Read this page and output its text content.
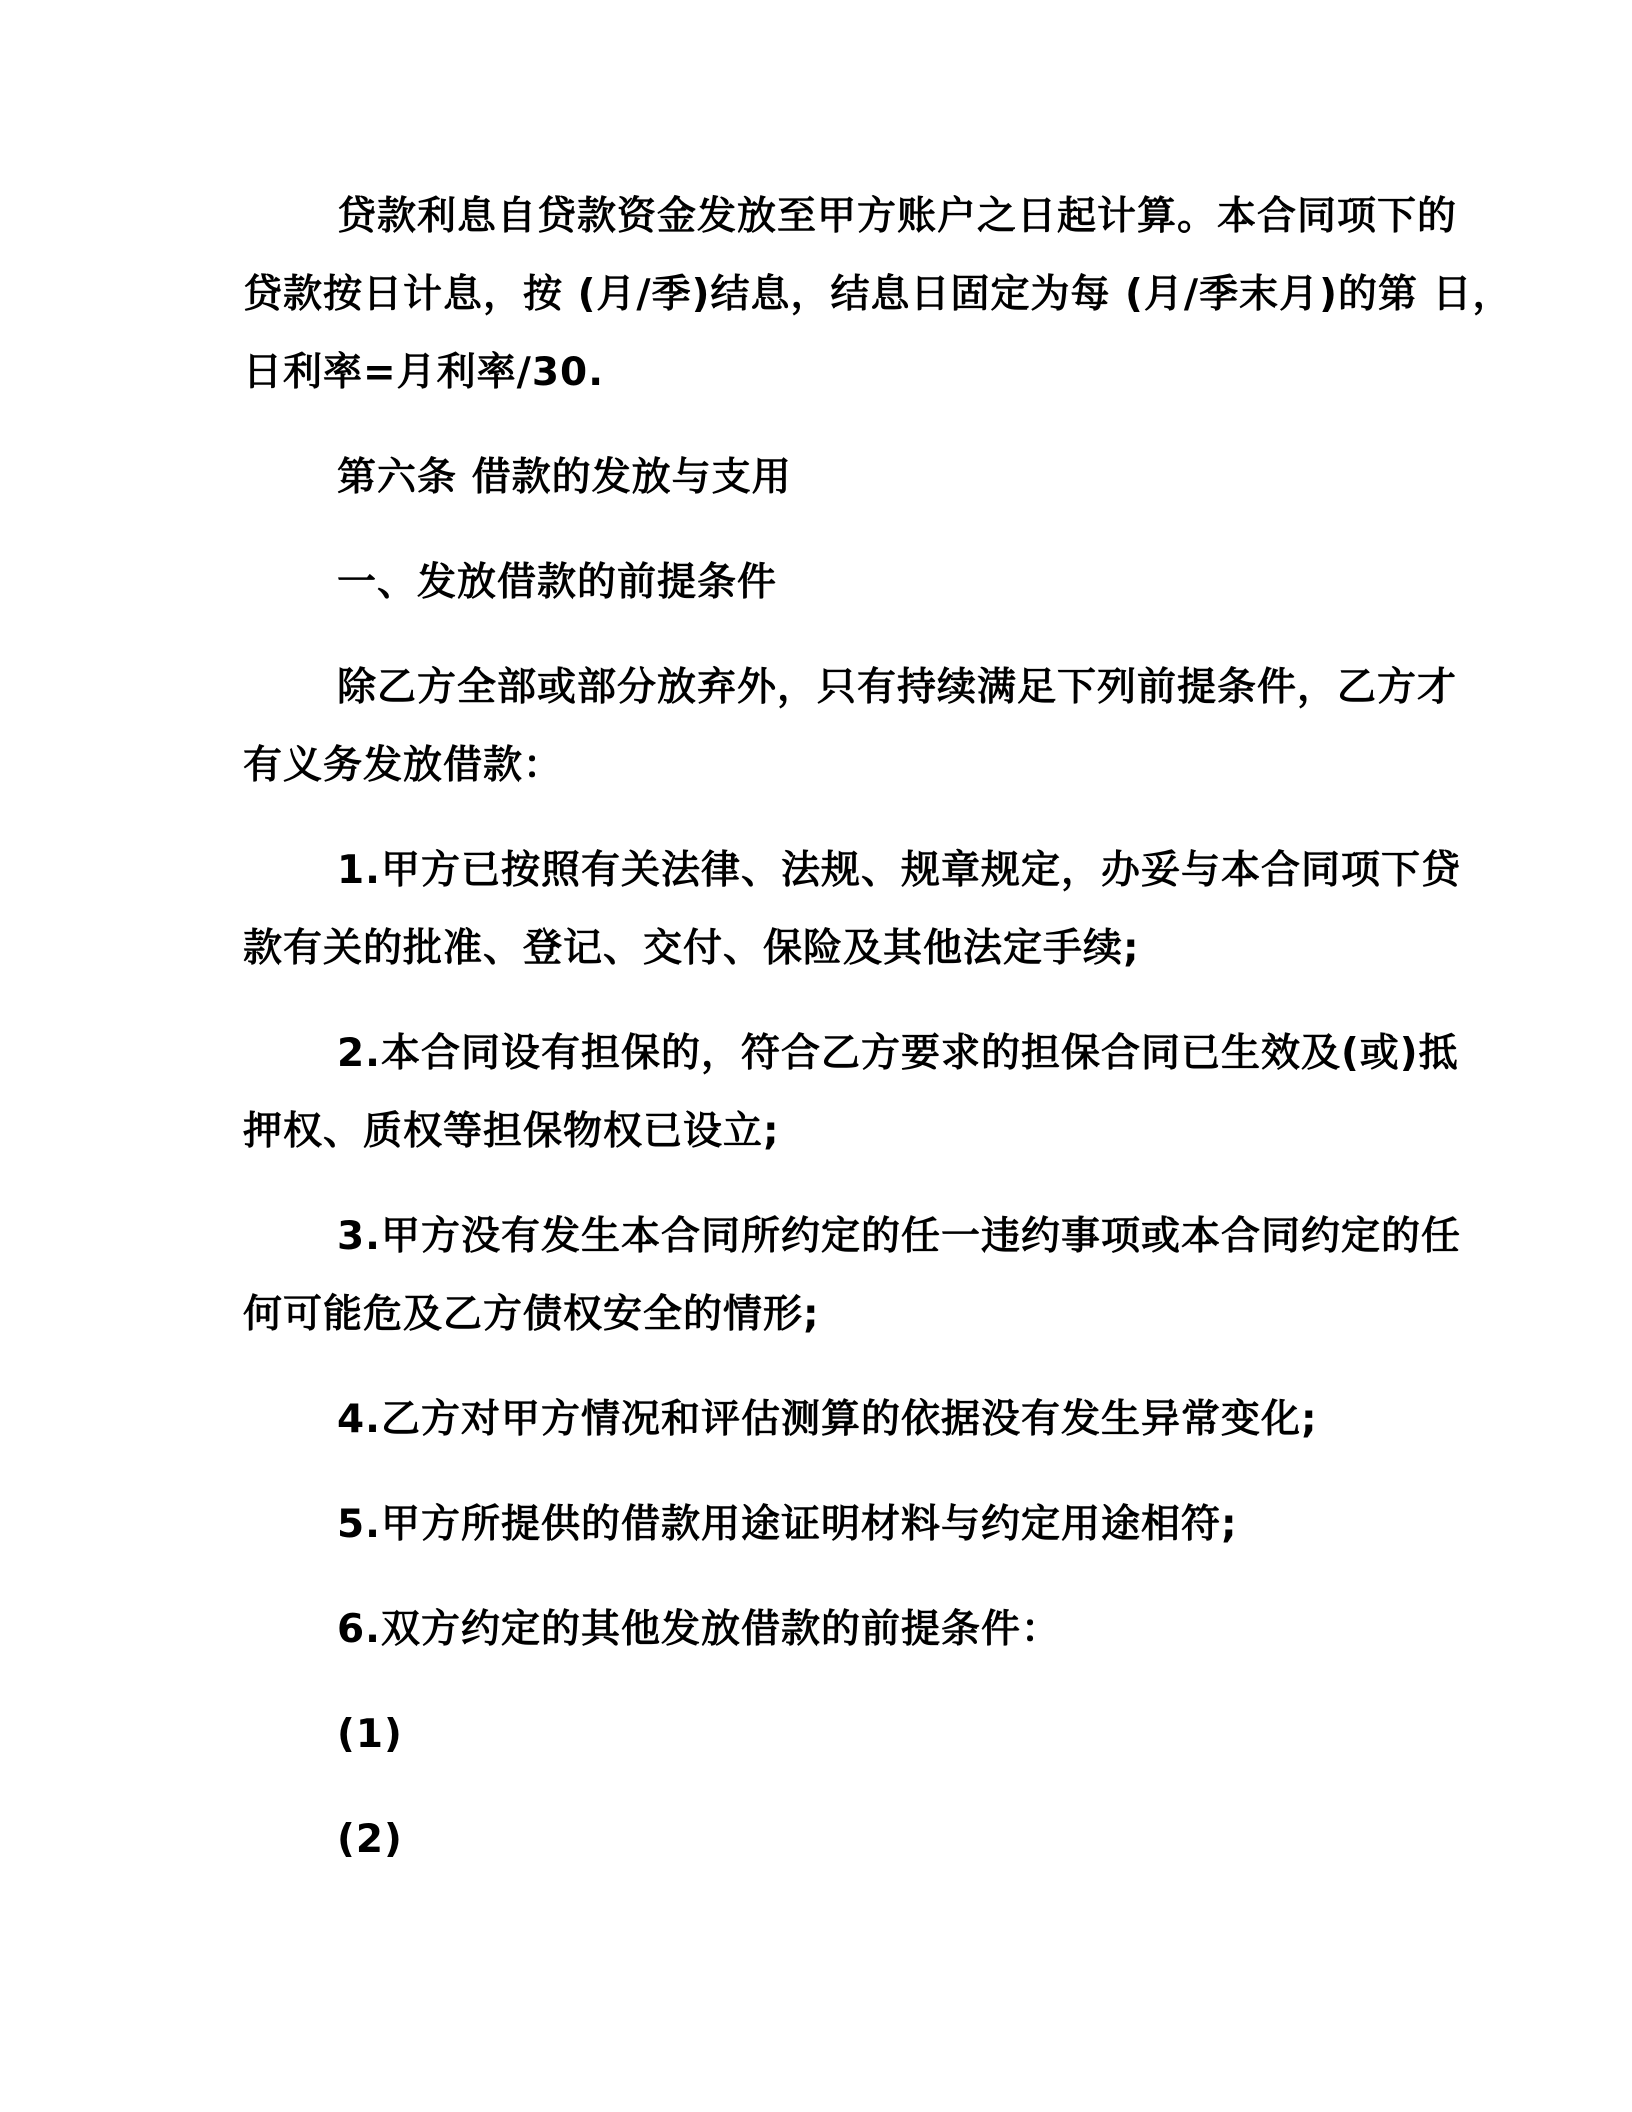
贷款利息自贷款资金发放至甲方账户之日起计算。本合同项下的
贷款按日计息，按 (月/季)结息，结息日固定为每 (月/季末月)的第 日，
日利率=月利率/30.
第六条 借款的发放与支用
一、发放借款的前提条件
除乙方全部或部分放弃外，只有持续满足下列前提条件，乙方才
有义务发放借款：
1.甲方已按照有关法律、法规、规章规定，办妥与本合同项下贷
款有关的批准、登记、交付、保险及其他法定手续;
2.本合同设有担保的，符合乙方要求的担保合同已生效及(或)抵
押权、质权等担保物权已设立;
3.甲方没有发生本合同所约定的任一违约事项或本合同约定的任
何可能危及乙方债权安全的情形;
4.乙方对甲方情况和评估测算的依据没有发生异常变化;
5.甲方所提供的借款用途证明材料与约定用途相符;
6.双方约定的其他发放借款的前提条件：
(1)
(2)
